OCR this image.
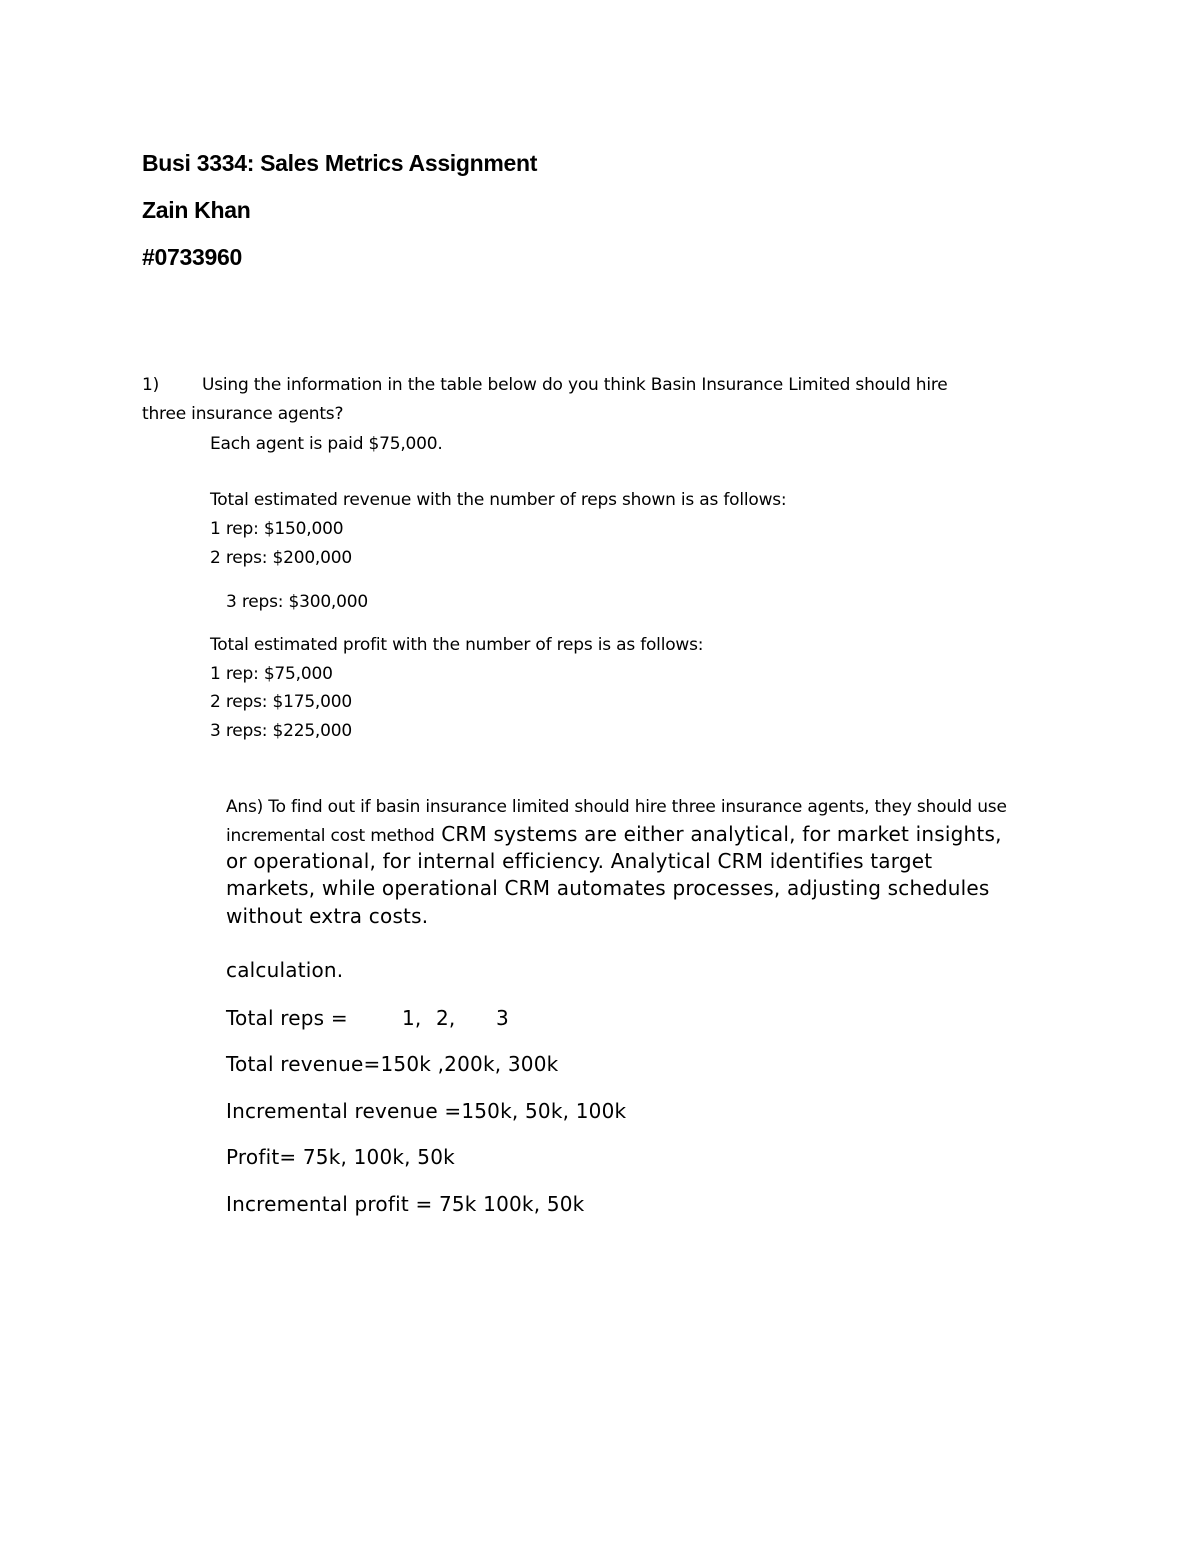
Busi 3334: Sales Metrics Assignment
Zain Khan
#0733960
1)	Using the information in the table below do you think Basin Insurance Limited should hire
three insurance agents?
Each agent is paid $75,000.
Total estimated revenue with the number of reps shown is as follows:
1 rep: $150,000
2 reps: $200,000
3 reps: $300,000
Total estimated profit with the number of reps is as follows:
1 rep: $75,000
2 reps: $175,000
3 reps: $225,000
Ans) To find out if basin insurance limited should hire three insurance agents, they should use
incremental cost method CRM systems are either analytical, for market insights,
or operational, for internal efficiency. Analytical CRM identifies target
markets, while operational CRM automates processes, adjusting schedules
without extra costs.
calculation.
Total reps =	1, 2, 3
Total revenue=150k ,200k, 300k
Incremental revenue =150k, 50k, 100k
Profit= 75k, 100k, 50k
Incremental profit = 75k 100k, 50k
